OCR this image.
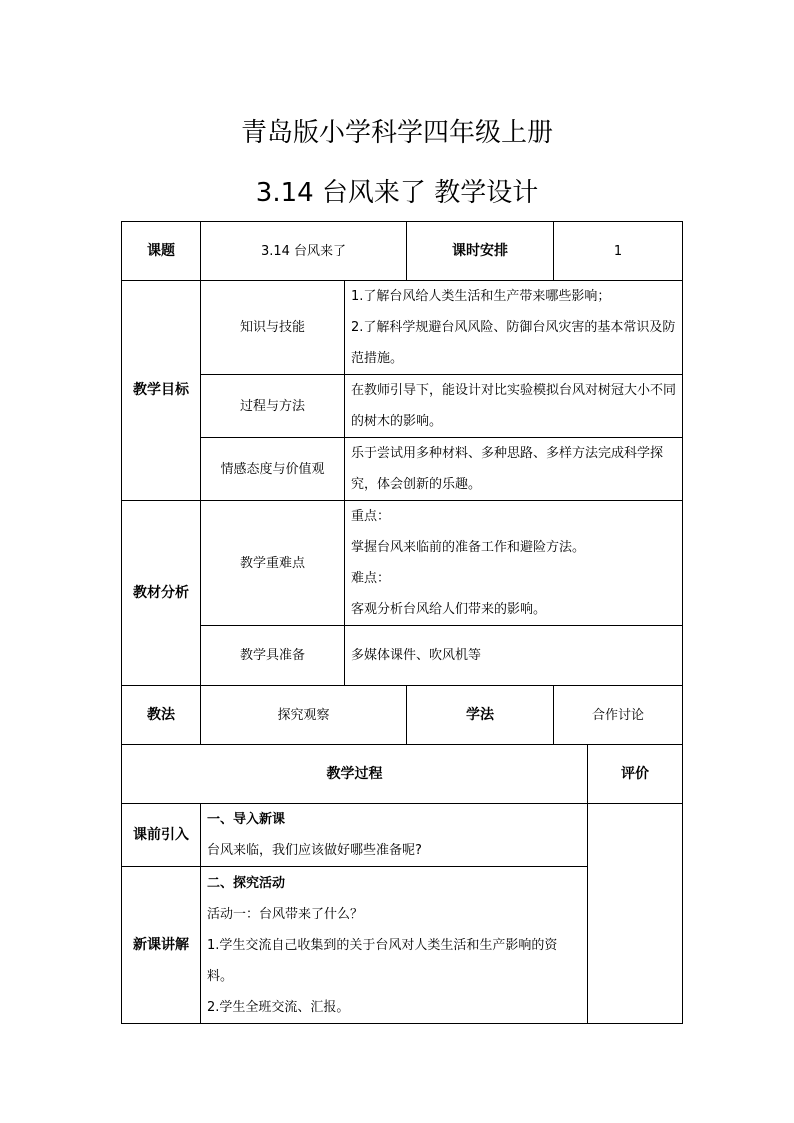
青岛版小学科学四年级上册
3.14 台风来了 教学设计
课题	3.14 台风来了		课时安排	1	
教学目标	知识与技能	1.了解台风给人类生活和生产带来哪些影响；
2.了解科学规避台风风险、防御台风灾害的基本常识及防范措施。			

	过程与方法	在教师引导下，能设计对比实验模拟台风对树冠大小不同的树木的影响。			
	情感态度与价值观	乐于尝试用多种材料、多种思路、多样方法完成科学探究，体会创新的乐趣。			
教材分析	教学重难点	重点：
掌握台风来临前的准备工作和避险方法。
难点：
客观分析台风给人们带来的影响。			

	教学具准备	多媒体课件、吹风机等			
教法	探究观察		学法	合作讨论	
教学过程					评价
课前引入	一、导入新课
台风来临，我们应该做好哪些准备呢?				

新课讲解	二、探究活动
活动一：台风带来了什么？
1.学生交流自己收集到的关于台风对人类生活和生产影响的资料。
2.学生全班交流、汇报。				
